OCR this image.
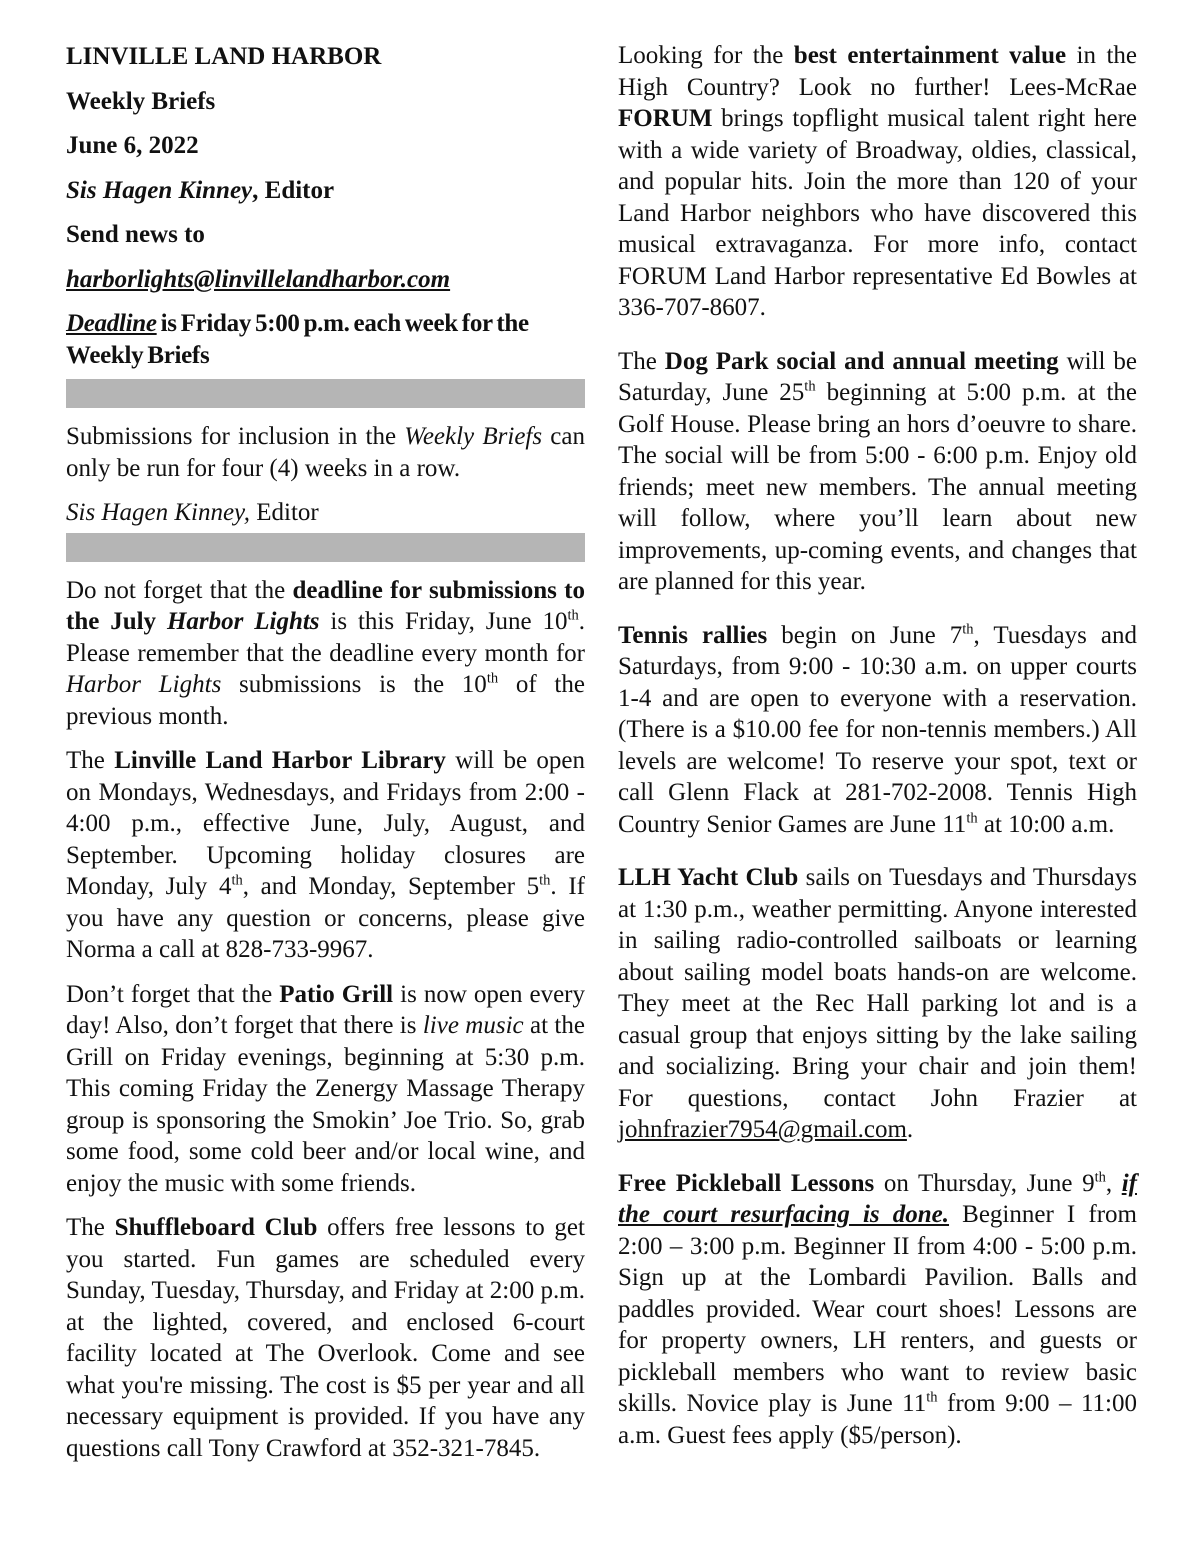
LINVILLE LAND HARBOR

Weekly Briefs

June 6, 2022

Sis Hagen Kinney, Editor

Send news to

harborlights@linvillelandharbor.com

Deadline is Friday 5:00 p.m. each week for the
Weekly Briefs

Submissions for inclusion in the Weekly Briefs can only be run for four (4) weeks in a row.

Sis Hagen Kinney, Editor

Do not forget that the deadline for submissions to the July Harbor Lights is this Friday, June 10th. Please remember that the deadline every month for Harbor Lights submissions is the 10th of the previous month.

The Linville Land Harbor Library will be open on Mondays, Wednesdays, and Fridays from 2:00 - 4:00 p.m., effective June, July, August, and September. Upcoming holiday closures are Monday, July 4th, and Monday, September 5th. If you have any question or concerns, please give Norma a call at 828-733-9967.

Don’t forget that the Patio Grill is now open every day! Also, don’t forget that there is live music at the Grill on Friday evenings, beginning at 5:30 p.m. This coming Friday the Zenergy Massage Therapy group is sponsoring the Smokin’ Joe Trio. So, grab some food, some cold beer and/or local wine, and enjoy the music with some friends.

The Shuffleboard Club offers free lessons to get you started. Fun games are scheduled every Sunday, Tuesday, Thursday, and Friday at 2:00 p.m. at the lighted, covered, and enclosed 6-court facility located at The Overlook. Come and see what you're missing. The cost is $5 per year and all necessary equipment is provided. If you have any questions call Tony Crawford at 352-321-7845.

Looking for the best entertainment value in the High Country? Look no further! Lees-McRae FORUM brings topflight musical talent right here with a wide variety of Broadway, oldies, classical, and popular hits. Join the more than 120 of your Land Harbor neighbors who have discovered this musical extravaganza. For more info, contact FORUM Land Harbor representative Ed Bowles at 336-707-8607.

The Dog Park social and annual meeting will be Saturday, June 25th beginning at 5:00 p.m. at the Golf House. Please bring an hors d’oeuvre to share. The social will be from 5:00 - 6:00 p.m. Enjoy old friends; meet new members. The annual meeting will follow, where you’ll learn about new improvements, up-coming events, and changes that are planned for this year.

Tennis rallies begin on June 7th, Tuesdays and Saturdays, from 9:00 - 10:30 a.m. on upper courts 1-4 and are open to everyone with a reservation. (There is a $10.00 fee for non-tennis members.) All levels are welcome! To reserve your spot, text or call Glenn Flack at 281-702-2008. Tennis High Country Senior Games are June 11th at 10:00 a.m.

LLH Yacht Club sails on Tuesdays and Thursdays at 1:30 p.m., weather permitting. Anyone interested in sailing radio-controlled sailboats or learning about sailing model boats hands-on are welcome. They meet at the Rec Hall parking lot and is a casual group that enjoys sitting by the lake sailing and socializing. Bring your chair and join them! For questions, contact John Frazier at johnfrazier7954@gmail.com.

Free Pickleball Lessons on Thursday, June 9th, if the court resurfacing is done. Beginner I from 2:00 – 3:00 p.m. Beginner II from 4:00 - 5:00 p.m. Sign up at the Lombardi Pavilion. Balls and paddles provided. Wear court shoes! Lessons are for property owners, LH renters, and guests or pickleball members who want to review basic skills. Novice play is June 11th from 9:00 – 11:00 a.m. Guest fees apply ($5/person).
